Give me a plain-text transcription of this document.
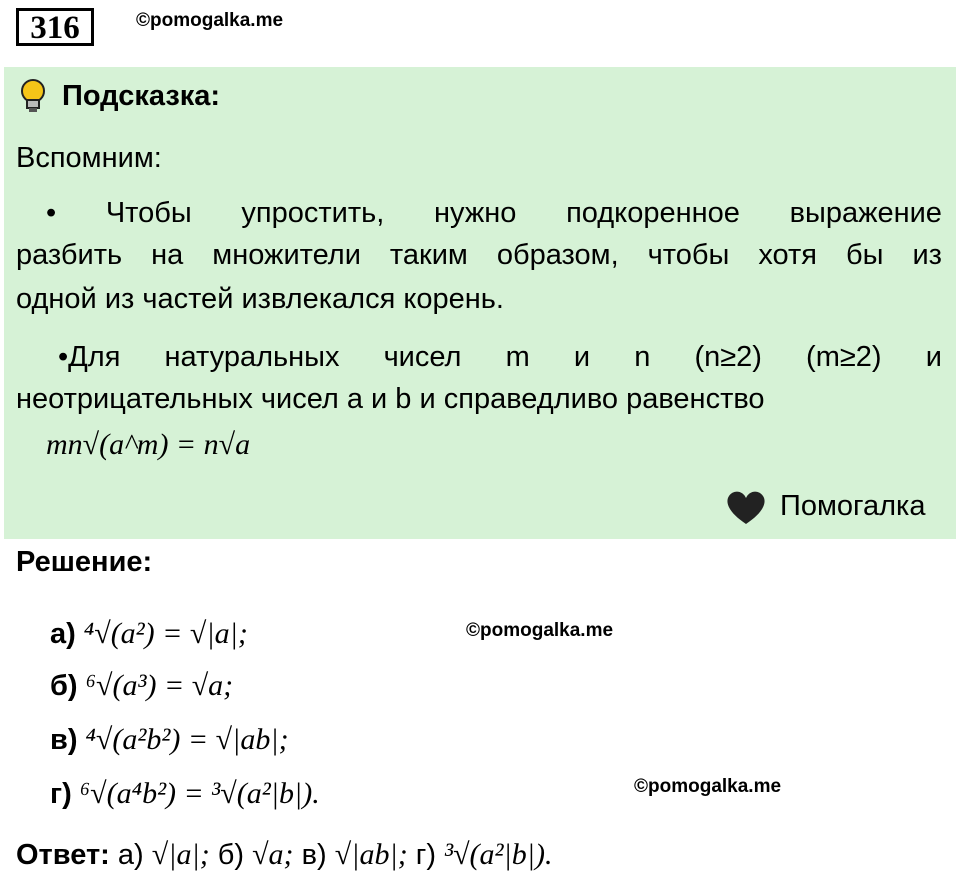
316	©pomogalka.me
Подсказка:
Вспомним:
• Чтобы упростить, нужно подкоренное выражение
разбить на множители таким образом, чтобы хотя бы из
одной из частей извлекался корень.
•Для натуральных чисел m и n (n≥2) (m≥2) и
неотрицательных чисел a и b и справедливо равенство
mn√(a^m) = n√a
Помогалка
Решение:
а) ⁴√(a²) = √|a|;
б) ⁶√(a³) = √a;
в) ⁴√(a²b²) = √|ab|;
г) ⁶√(a⁴b²) = ³√(a²|b|).
©pomogalka.me
©pomogalka.me
Ответ: а) √|a|; б) √a; в) √|ab|; г) ³√(a²|b|).
